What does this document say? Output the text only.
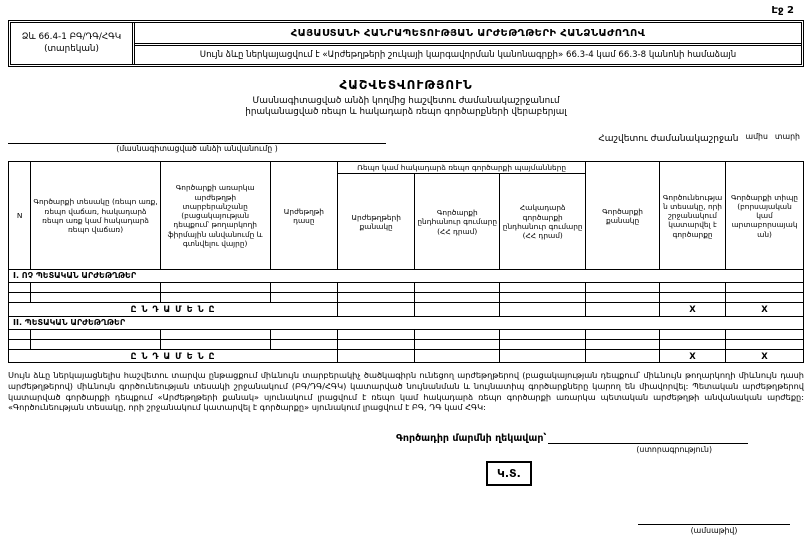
Էջ 2
Ձև 66.4-1 ԲԳ/ԴԳ/ՀԳԿ
(տարեկան)
ՀԱՅԱՍՏԱՆԻ ՀԱՆՐԱՊԵՏՈՒԹՅԱՆ ԱՐԺԵԹՂԹԵՐԻ ՀԱՆՁՆԱԺՈՂՈՎ
Սույն ձևը ներկայացվում է «Արժեթղթերի շուկայի կարգավորման կանոնագրքի» 66.3-4 կամ 66.3-8 կանոնի համաձայն
ՀԱՇՎԵՏՎՈՒԹՅՈՒՆ
Մասնագիտացված անձի կողմից հաշվետու ժամանակաշրջանում
իրականացված ռեպո և հակադարձ ռեպո գործարքների վերաբերյալ
(մասնագիտացված անձի անվանումը )
Հաշվետու ժամանակաշրջան ամիս տարի
N	Գործարքի տեսակը (ռեպո առք, ռեպո վաճառ, հակադարձ ռեպո առք կամ հակադարձ ռեպո վաճառ)	Գործարքի առարկա արժեթղթի տարբերանշանը (բացակայության դեպքում՝ թողարկողի ֆիրմային անվանումը և գտնվելու վայրը)	Արժեթղթի դասը	Ռեպո կամ հակադարձ ռեպո գործարքի պայմանները			Գործարքի քանակը	Գործունեության տեսակը, որի շրջանակում կատարվել է գործարքը	Գործարքի տիպը (բորսայական կամ արտաբորսայական)
				Արժեթղթերի քանակը	Գործարքի ընդհանուր գումարը (ՀՀ դրամ)	Հակադարձ գործարքի ընդհանուր գումարը (ՀՀ դրամ)			
I. ՈՉ ՊԵՏԱԿԱՆ ԱՐԺԵԹՂԹԵՐ									

Ը Ն Դ Ա Մ Ե Ն Ը								X	X
II. ՊԵՏԱԿԱՆ ԱՐԺԵԹՂԹԵՐ									

Ը Ն Դ Ա Մ Ե Ն Ը								X	X
Սույն ձևը ներկայացնելիս հաշվետու տարվա ընթացքում միևնույն տարբերակիչ ծածկագիրն ունեցող արժեթղթերով (բացակայության դեպքում՝ միևնույն թողարկողի միևնույն դասի արժեթղթերով) միևնույն գործունեության տեսակի շրջանակում (ԲԳ/ԴԳ/ՀԳԿ) կատարված նույնանման և նույնատիպ գործարքները կարող են միավորվել: Պետական արժեթղթերով կատարված գործարքի դեպքում «Արժեթղթերի քանակ» սյունակում լրացվում է ռեպո կամ հակադարձ ռեպո գործարքի առարկա պետական արժեթղթի անվանական արժեքը: «Գործունեության տեսակը, որի շրջանակում կատարվել է գործարքը» սյունակում լրացվում է ԲԳ, ԴԳ կամ ՀԳԿ:
Գործադիր մարմնի ղեկավար՝
(ստորագրություն)
Կ.Տ.
(ամսաթիվ)
